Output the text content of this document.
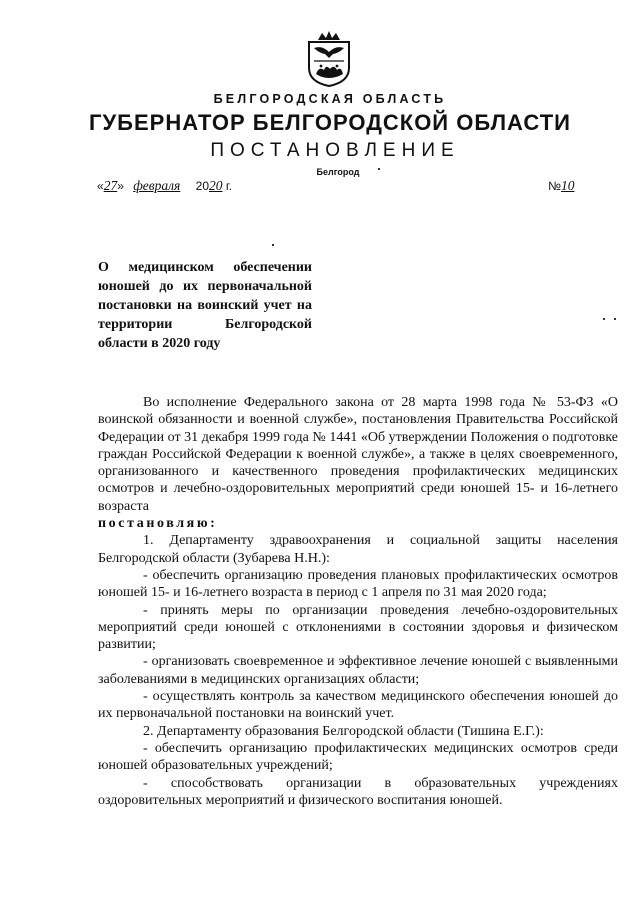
БЕЛГОРОДСКАЯ ОБЛАСТЬ
ГУБЕРНАТОР БЕЛГОРОДСКОЙ ОБЛАСТИ
ПОСТАНОВЛЕНИЕ
Белгород
«27» февраля 2020 г.	№10
О медицинском обеспечении юношей до их первоначальной постановки на воинский учет на территории Белгородской области в 2020 году

Во исполнение Федерального закона от 28 марта 1998 года № 53-ФЗ «О воинской обязанности и военной службе», постановления Правительства Российской Федерации от 31 декабря 1999 года № 1441 «Об утверждении Положения о подготовке граждан Российской Федерации к военной службе», а также в целях своевременного, организованного и качественного проведения профилактических медицинских осмотров и лечебно-оздоровительных мероприятий среди юношей 15- и 16-летнего возраста

постановляю:

1. Департаменту здравоохранения и социальной защиты населения Белгородской области (Зубарева Н.Н.):

- обеспечить организацию проведения плановых профилактических осмотров юношей 15- и 16-летнего возраста в период с 1 апреля по 31 мая 2020 года;

- принять меры по организации проведения лечебно-оздоровительных мероприятий среди юношей с отклонениями в состоянии здоровья и физическом развитии;

- организовать своевременное и эффективное лечение юношей с выявленными заболеваниями в медицинских организациях области;

- осуществлять контроль за качеством медицинского обеспечения юношей до их первоначальной постановки на воинский учет.

2. Департаменту образования Белгородской области (Тишина Е.Г.):

- обеспечить организацию профилактических медицинских осмотров среди юношей образовательных учреждений;

- способствовать организации в образовательных учреждениях оздоровительных мероприятий и физического воспитания юношей.
